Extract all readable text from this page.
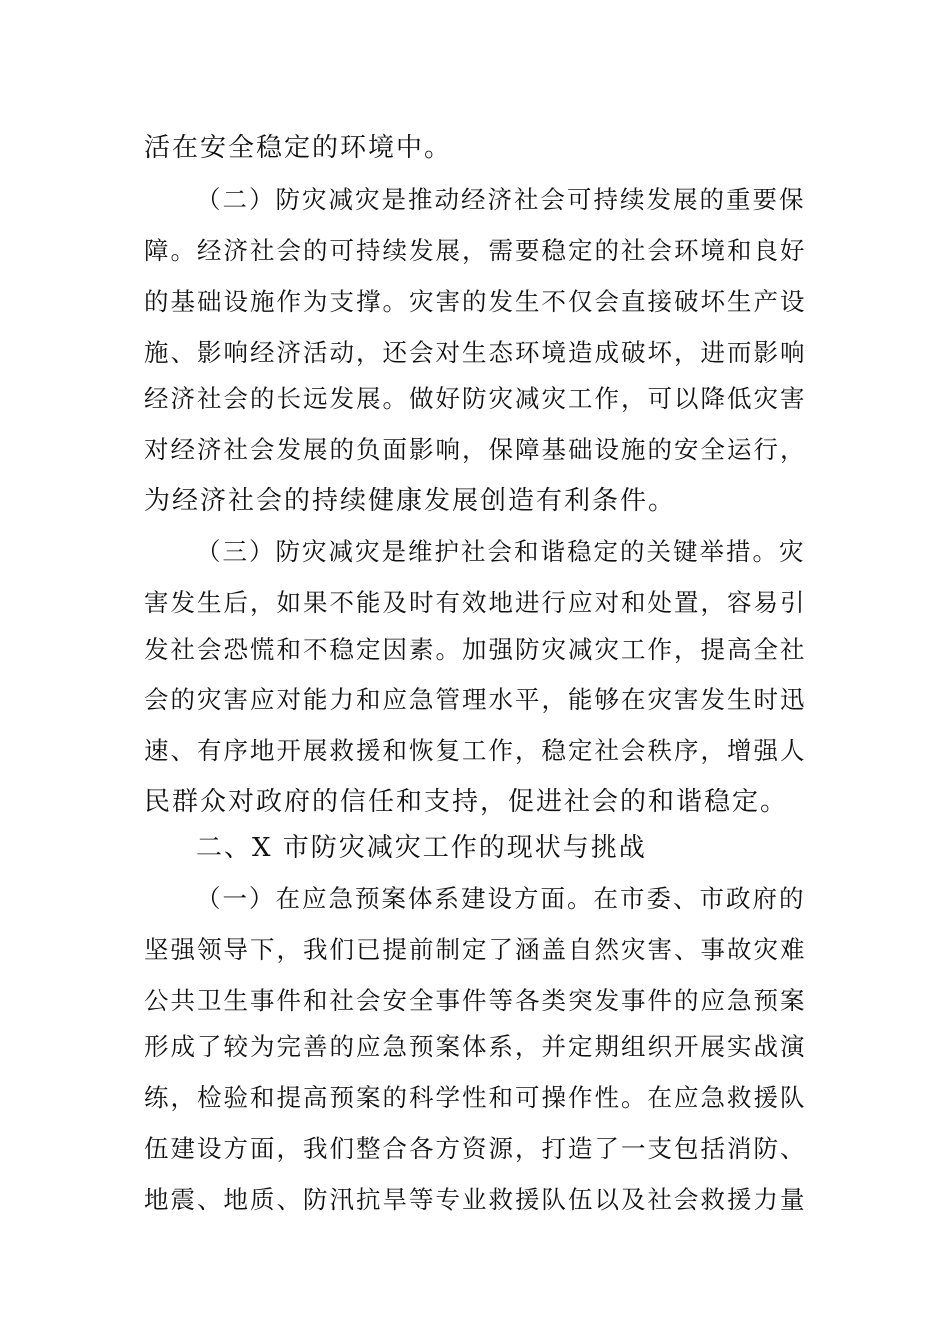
活在安全稳定的环境中。
（二）防灾减灾是推动经济社会可持续发展的重要保
障。经济社会的可持续发展，需要稳定的社会环境和良好
的基础设施作为支撑。灾害的发生不仅会直接破坏生产设
施、影响经济活动，还会对生态环境造成破坏，进而影响
经济社会的长远发展。做好防灾减灾工作，可以降低灾害
对经济社会发展的负面影响，保障基础设施的安全运行，
为经济社会的持续健康发展创造有利条件。
（三）防灾减灾是维护社会和谐稳定的关键举措。灾
害发生后，如果不能及时有效地进行应对和处置，容易引
发社会恐慌和不稳定因素。加强防灾减灾工作，提高全社
会的灾害应对能力和应急管理水平，能够在灾害发生时迅
速、有序地开展救援和恢复工作，稳定社会秩序，增强人
民群众对政府的信任和支持，促进社会的和谐稳定。
二、X 市防灾减灾工作的现状与挑战
（一）在应急预案体系建设方面。在市委、市政府的
坚强领导下，我们已提前制定了涵盖自然灾害、事故灾难
公共卫生事件和社会安全事件等各类突发事件的应急预案
形成了较为完善的应急预案体系，并定期组织开展实战演
练，检验和提高预案的科学性和可操作性。在应急救援队
伍建设方面，我们整合各方资源，打造了一支包括消防、
地震、地质、防汛抗旱等专业救援队伍以及社会救援力量
